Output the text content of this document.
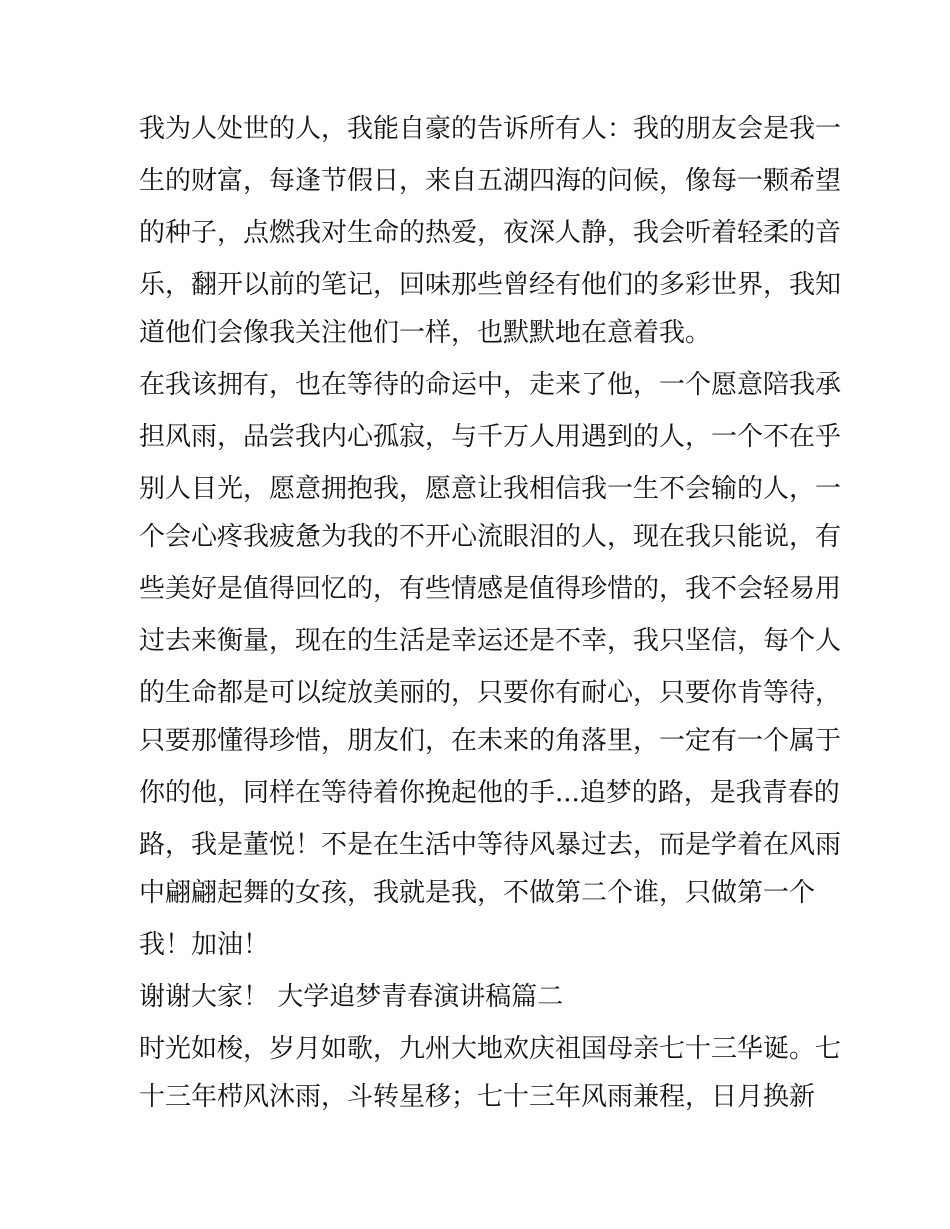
我为人处世的人，我能自豪的告诉所有人：我的朋友会是我一
生的财富，每逢节假日，来自五湖四海的问候，像每一颗希望
的种子，点燃我对生命的热爱，夜深人静，我会听着轻柔的音
乐，翻开以前的笔记，回味那些曾经有他们的多彩世界，我知
道他们会像我关注他们一样，也默默地在意着我。
在我该拥有，也在等待的命运中，走来了他，一个愿意陪我承
担风雨，品尝我内心孤寂，与千万人用遇到的人，一个不在乎
别人目光，愿意拥抱我，愿意让我相信我一生不会输的人，一
个会心疼我疲惫为我的不开心流眼泪的人，现在我只能说，有
些美好是值得回忆的，有些情感是值得珍惜的，我不会轻易用
过去来衡量，现在的生活是幸运还是不幸，我只坚信，每个人
的生命都是可以绽放美丽的，只要你有耐心，只要你肯等待，
只要那懂得珍惜，朋友们，在未来的角落里，一定有一个属于
你的他，同样在等待着你挽起他的手...追梦的路，是我青春的
路，我是董悦！不是在生活中等待风暴过去，而是学着在风雨
中翩翩起舞的女孩，我就是我，不做第二个谁，只做第一个
我！加油！
谢谢大家！ 大学追梦青春演讲稿篇二
时光如梭，岁月如歌，九州大地欢庆祖国母亲七十三华诞。七
十三年栉风沐雨，斗转星移；七十三年风雨兼程，日月换新
